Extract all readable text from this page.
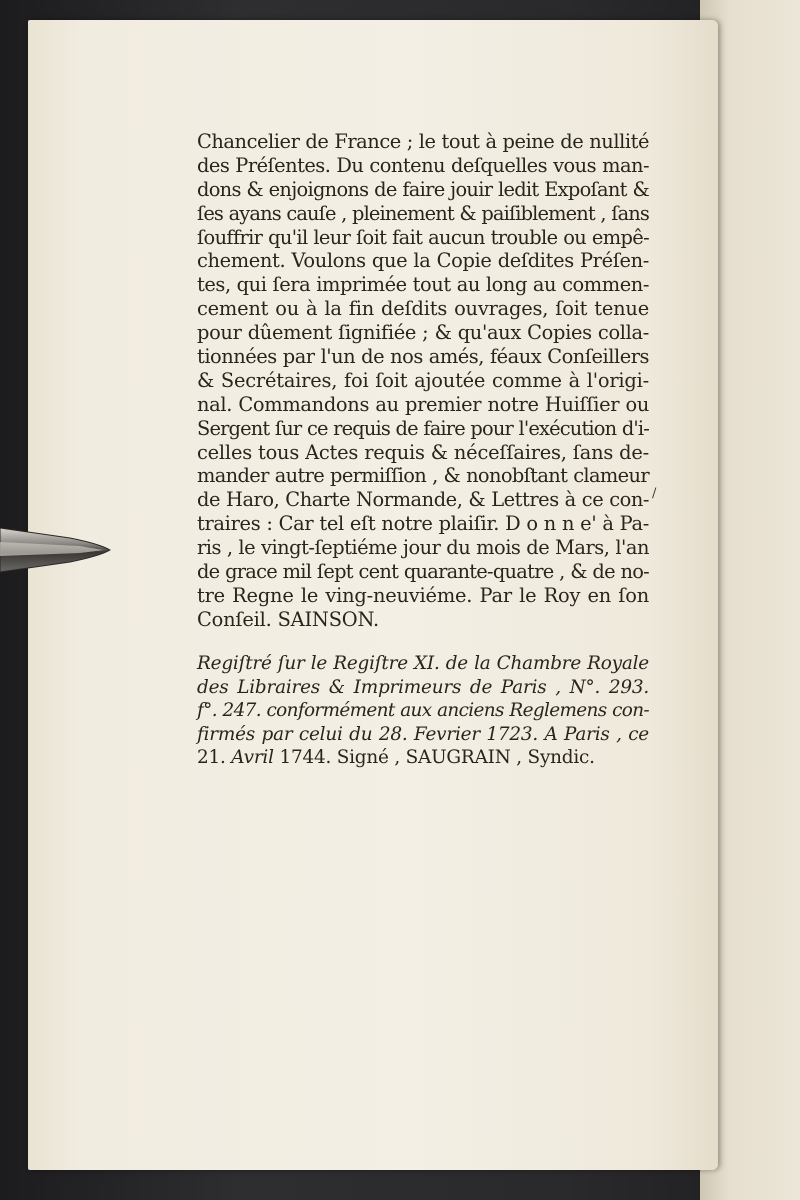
Chancelier de France ; le tout à peine de nullité
des Préſentes. Du contenu deſquelles vous man-
dons & enjoignons de faire jouir ledit Expoſant &
ſes ayans cauſe , pleinement & paiſiblement , ſans
ſouffrir qu'il leur ſoit fait aucun trouble ou empê-
chement. Voulons que la Copie deſdites Préſen-
tes, qui ſera imprimée tout au long au commen-
cement ou à la fin deſdits ouvrages, ſoit tenue
pour dûement ſignifiée ; & qu'aux Copies colla-
tionnées par l'un de nos amés, féaux Conſeillers
& Secrétaires, foi ſoit ajoutée comme à l'origi-
nal. Commandons au premier notre Huiſſier ou
Sergent ſur ce requis de faire pour l'exécution d'i-
celles tous Actes requis & néceſſaires, ſans de-
mander autre permiſſion , & nonobſtant clameur
de Haro, Charte Normande, & Lettres à ce con-
traires : Car tel eſt notre plaiſir. D o n n e' à Pa-
ris , le vingt-ſeptiéme jour du mois de Mars, l'an
de grace mil ſept cent quarante-quatre , & de no-
tre Regne le ving-neuviéme. Par le Roy en ſon
Conſeil. SAINSON.
Regiſtré ſur le Regiſtre XI. de la Chambre Royale
des Libraires & Imprimeurs de Paris , N°. 293.
f°. 247. conformément aux anciens Reglemens con-
firmés par celui du 28. Fevrier 1723. A Paris , ce
21. Avril 1744. Signé , SAUGRAIN , Syndic.
/
